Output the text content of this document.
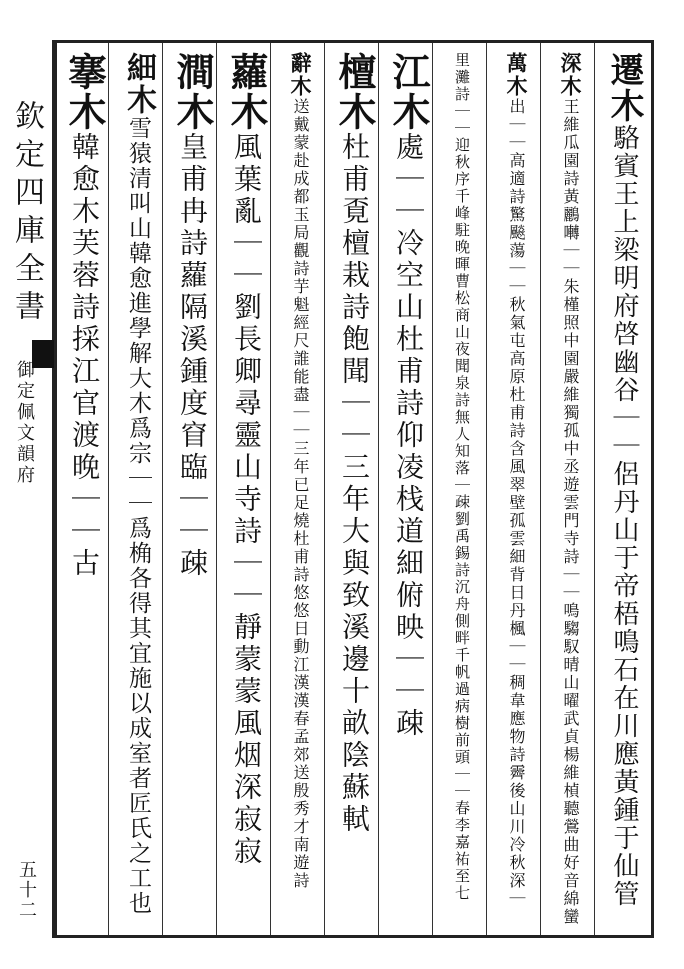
欽定四庫全書
御定佩文韻府
五十二
遷木駱賓王上梁明府啓幽谷｜｜侶丹山于帝梧鳴石在川應黃鍾于仙管
深木王維瓜園詩黃鸝囀｜｜朱槿照中園嚴維獨孤中丞遊雲門寺詩｜｜鳴騶馭晴山曜武貞楊維楨聽鶯曲好音綿蠻
萬木出｜｜高適詩驚飈蕩｜｜秋氣屯高原杜甫詩含風翠壁孤雲細背日丹楓｜｜稠韋應物詩霽後山川冷秋深｜
里灘詩｜｜迎秋序千峰駐晚暉曹松商山夜聞泉詩無人知落｜疎劉禹錫詩沉舟側畔千帆過病樹前頭｜｜春李嘉祐至七
江木處｜｜冷空山杜甫詩仰凌栈道細俯映｜｜疎
檀木杜甫覔檀栽詩飽聞｜｜三年大與致溪邊十畝陰蘇軾
辭木送戴蒙赴成都玉局觀詩芋魁經尺誰能盡｜｜三年已足燒杜甫詩悠悠日動江漢漢春孟郊送殷秀才南遊詩
蘿木風葉亂｜｜劉長卿尋靈山寺詩｜｜靜蒙蒙風烟深寂寂
澗木皇甫冉詩蘿隔溪鍾度窅臨｜｜疎
細木雪猿清叫山韓愈進學解大木爲宗｜｜爲桷各得其宜施以成室者匠氏之工也
搴木韓愈木芙蓉詩採江官渡晚｜｜古
